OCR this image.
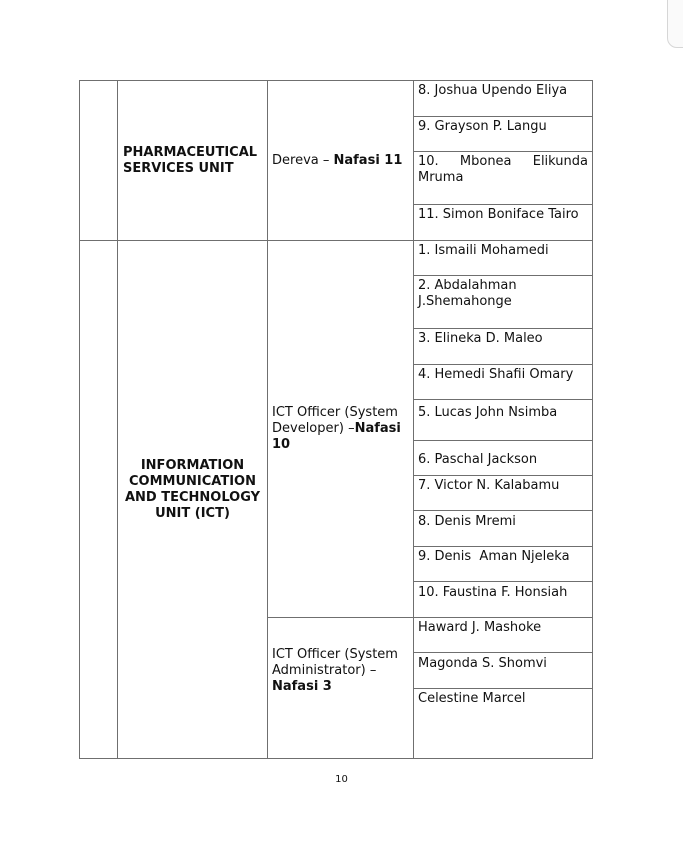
PHARMACEUTICAL SERVICES UNIT
Dereva – Nafasi 11
8. Joshua Upendo Eliya
9. Grayson P. Langu
10. Mbonea Elikunda Mruma
11. Simon Boniface Tairo
INFORMATION COMMUNICATION AND TECHNOLOGY UNIT (ICT)
ICT Officer (System Developer) –Nafasi 10
1. Ismaili Mohamedi
2. Abdalahman J.Shemahonge
3. Elineka D. Maleo
4. Hemedi Shafii Omary
5. Lucas John Nsimba
6. Paschal Jackson
7. Victor N. Kalabamu
8. Denis Mremi
9. Denis  Aman Njeleka
10. Faustina F. Honsiah
ICT Officer (System Administrator) – Nafasi 3
Haward J. Mashoke
Magonda S. Shomvi
Celestine Marcel
10
